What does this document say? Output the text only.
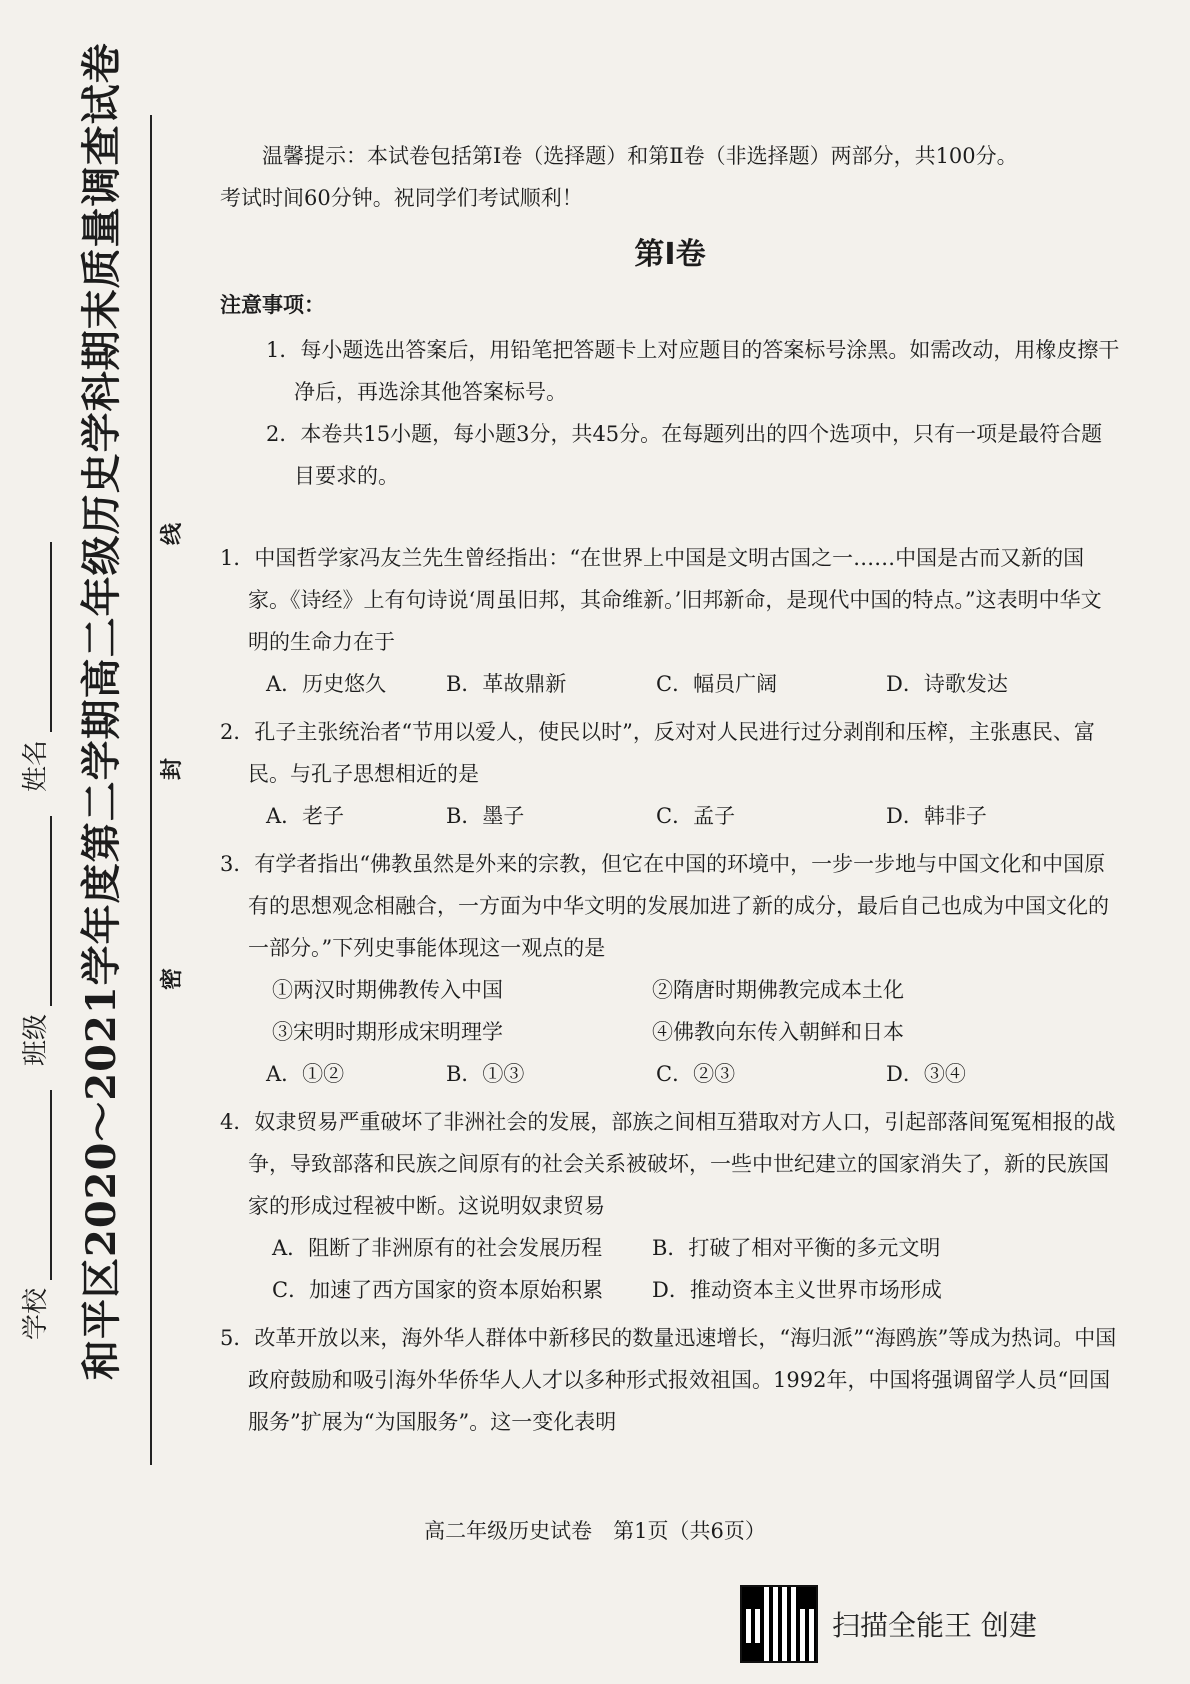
线
封
密
学校
班级
姓名 和平区2020～2021学年度第二学期高二年级历史学科期末质量调查试卷	温馨提示：本试卷包括第Ⅰ卷（选择题）和第Ⅱ卷（非选择题）两部分，共100分。

考试时间60分钟。祝同学们考试顺利！

第Ⅰ卷
注意事项：
1．每小题选出答案后，用铅笔把答题卡上对应题目的答案标号涂黑。如需改动，用橡皮擦干净后，再选涂其他答案标号。
2．本卷共15小题，每小题3分，共45分。在每题列出的四个选项中，只有一项是最符合题目要求的。
1．中国哲学家冯友兰先生曾经指出：“在世界上中国是文明古国之一……中国是古而又新的国家。《诗经》上有句诗说‘周虽旧邦，其命维新。’旧邦新命，是现代中国的特点。”这表明中华文明的生命力在于
A．历史悠久	B．革故鼎新	C．幅员广阔	D．诗歌发达
2．孔子主张统治者“节用以爱人，使民以时”，反对对人民进行过分剥削和压榨，主张惠民、富民。与孔子思想相近的是
A．老子	B．墨子	C．孟子	D．韩非子
3．有学者指出“佛教虽然是外来的宗教，但它在中国的环境中，一步一步地与中国文化和中国原有的思想观念相融合，一方面为中华文明的发展加进了新的成分，最后自己也成为中国文化的一部分。”下列史事能体现这一观点的是
①两汉时期佛教传入中国	②隋唐时期佛教完成本土化
③宋明时期形成宋明理学	④佛教向东传入朝鲜和日本
A．①②	B．①③	C．②③	D．③④
4．奴隶贸易严重破坏了非洲社会的发展，部族之间相互猎取对方人口，引起部落间冤冤相报的战争，导致部落和民族之间原有的社会关系被破坏，一些中世纪建立的国家消失了，新的民族国家的形成过程被中断。这说明奴隶贸易
A．阻断了非洲原有的社会发展历程	B．打破了相对平衡的多元文明
C．加速了西方国家的资本原始积累	D．推动资本主义世界市场形成
5．改革开放以来，海外华人群体中新移民的数量迅速增长，“海归派”“海鸥族”等成为热词。中国政府鼓励和吸引海外华侨华人人才以多种形式报效祖国。1992年，中国将强调留学人员“回国服务”扩展为“为国服务”。这一变化表明
高二年级历史试卷　第1页（共6页）
扫描全能王 创建
